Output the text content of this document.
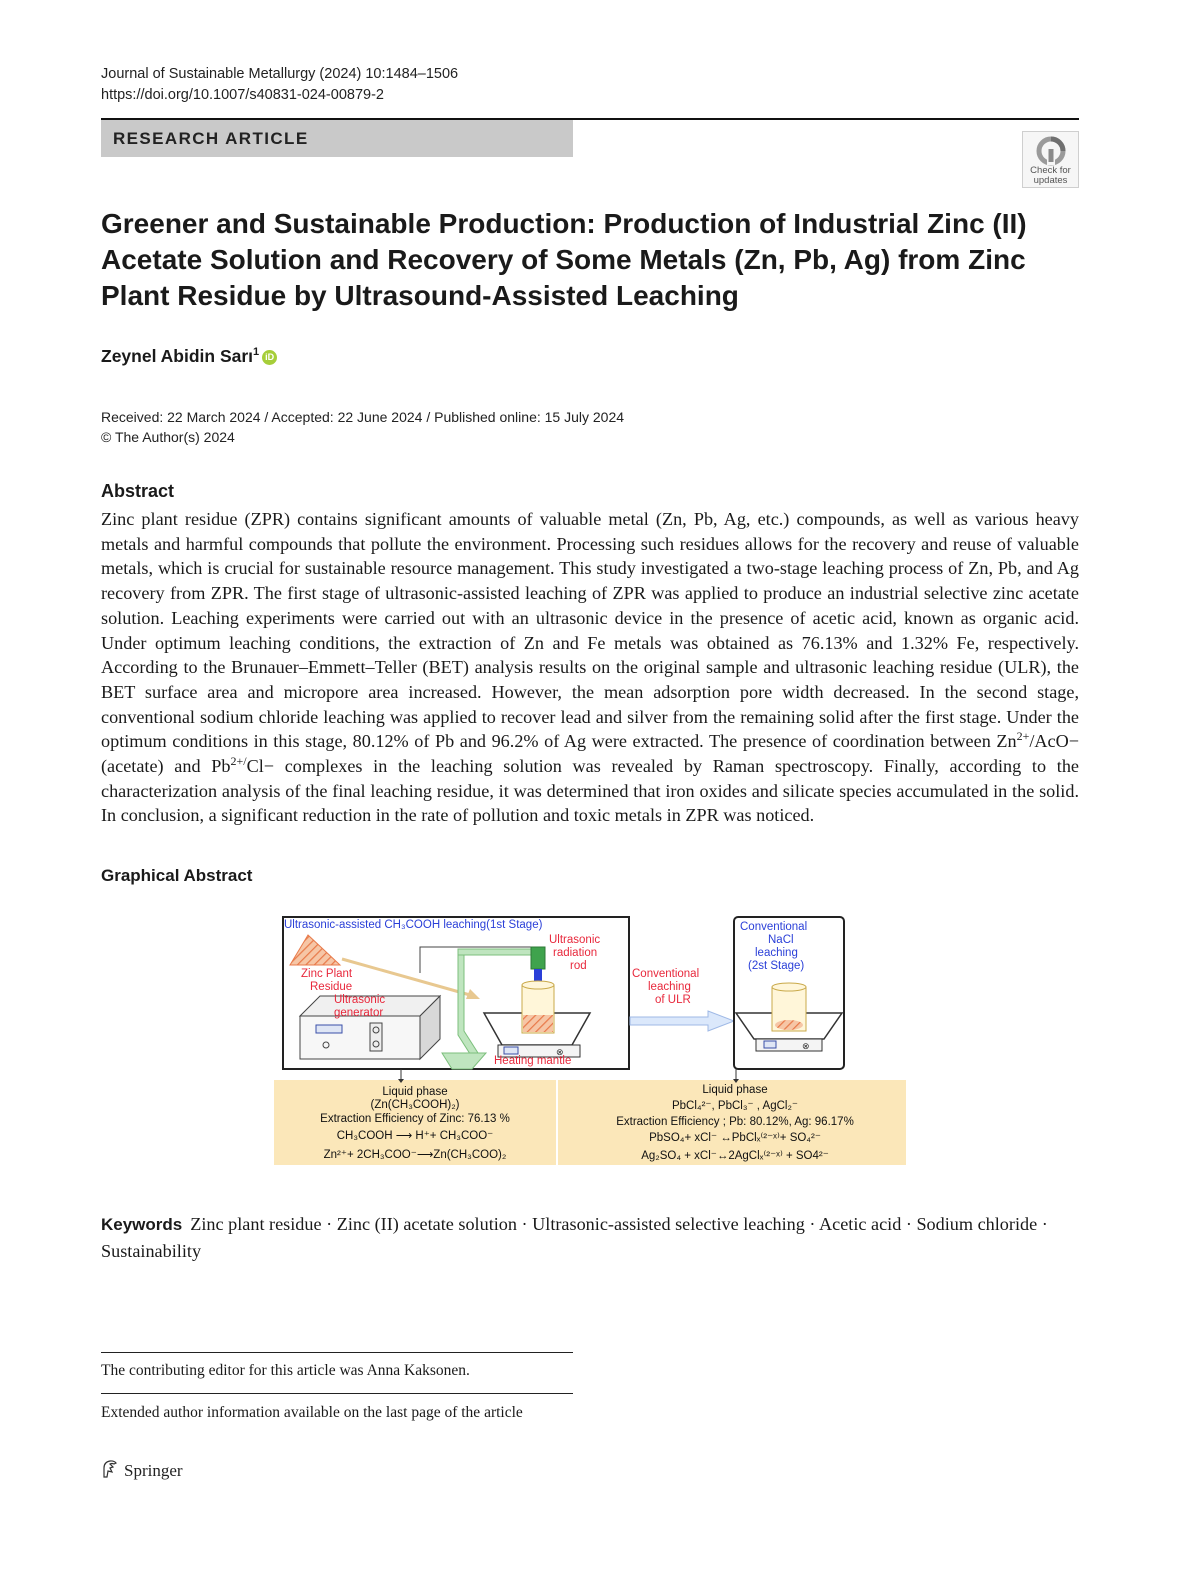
Journal of Sustainable Metallurgy (2024) 10:1484–1506
https://doi.org/10.1007/s40831-024-00879-2
RESEARCH ARTICLE
Check for
updates
Greener and Sustainable Production: Production of Industrial Zinc (II) Acetate Solution and Recovery of Some Metals (Zn, Pb, Ag) from Zinc Plant Residue by Ultrasound-Assisted Leaching
Zeynel Abidin Sarı$^1$ iD
Received: 22 March 2024 / Accepted: 22 June 2024 / Published online: 15 July 2024
© The Author(s) 2024
Abstract
Zinc plant residue (ZPR) contains significant amounts of valuable metal (Zn, Pb, Ag, etc.) compounds, as well as various heavy metals and harmful compounds that pollute the environment. Processing such residues allows for the recovery and reuse of valuable metals, which is crucial for sustainable resource management. This study investigated a two-stage leaching process of Zn, Pb, and Ag recovery from ZPR. The first stage of ultrasonic-assisted leaching of ZPR was applied to produce an industrial selective zinc acetate solution. Leaching experiments were carried out with an ultrasonic device in the presence of acetic acid, known as organic acid. Under optimum leaching conditions, the extraction of Zn and Fe metals was obtained as 76.13% and 1.32% Fe, respectively. According to the Brunauer–Emmett–Teller (BET) analysis results on the original sample and ultrasonic leaching residue (ULR), the BET surface area and micropore area increased. However, the mean adsorption pore width decreased. In the second stage, conventional sodium chloride leaching was applied to recover lead and silver from the remaining solid after the first stage. Under the optimum conditions in this stage, 80.12% of Pb and 96.2% of Ag were extracted. The presence of coordination between $Zn^{2+}/AcO-$ (acetate) and $Pb^{2+/}Cl-$ complexes in the leaching solution was revealed by Raman spectroscopy. Finally, according to the characterization analysis of the final leaching residue, it was determined that iron oxides and silicate species accumulated in the solid. In conclusion, a significant reduction in the rate of pollution and toxic metals in ZPR was noticed.
Graphical Abstract
Ultrasonic-assisted CH₃COOH leaching(1st Stage)
Zinc Plant
Residue
Ultrasonic
generator
Ultrasonic
radiation
rod
⊗
Heating mantle
Conventional
leaching
of ULR
Conventional
NaCl
leaching
(2st Stage)
⊗
Liquid phase
(Zn(CH₃COOH)₂)
Extraction Efficiency of Zinc: 76.13 %
CH₃COOH ⟶ H⁺+ CH₃COO⁻
Zn²⁺+ 2CH₃COO⁻⟶Zn(CH₃COO)₂
Liquid phase
PbCl₄²⁻, PbCl₃⁻ , AgCl₂⁻
Extraction Efficiency ; Pb: 80.12%, Ag: 96.17%
PbSO₄+ xCl⁻ ↔PbClₓ⁽²⁻ˣ⁾+ SO₄²⁻
Ag₂SO₄ + xCl⁻↔2AgClₓ⁽²⁻ˣ⁾ + SO4²⁻
Keywords Zinc plant residue · Zinc (II) acetate solution · Ultrasonic-assisted selective leaching · Acetic acid · Sodium chloride · Sustainability
The contributing editor for this article was Anna Kaksonen.
Extended author information available on the last page of the article
Springer
